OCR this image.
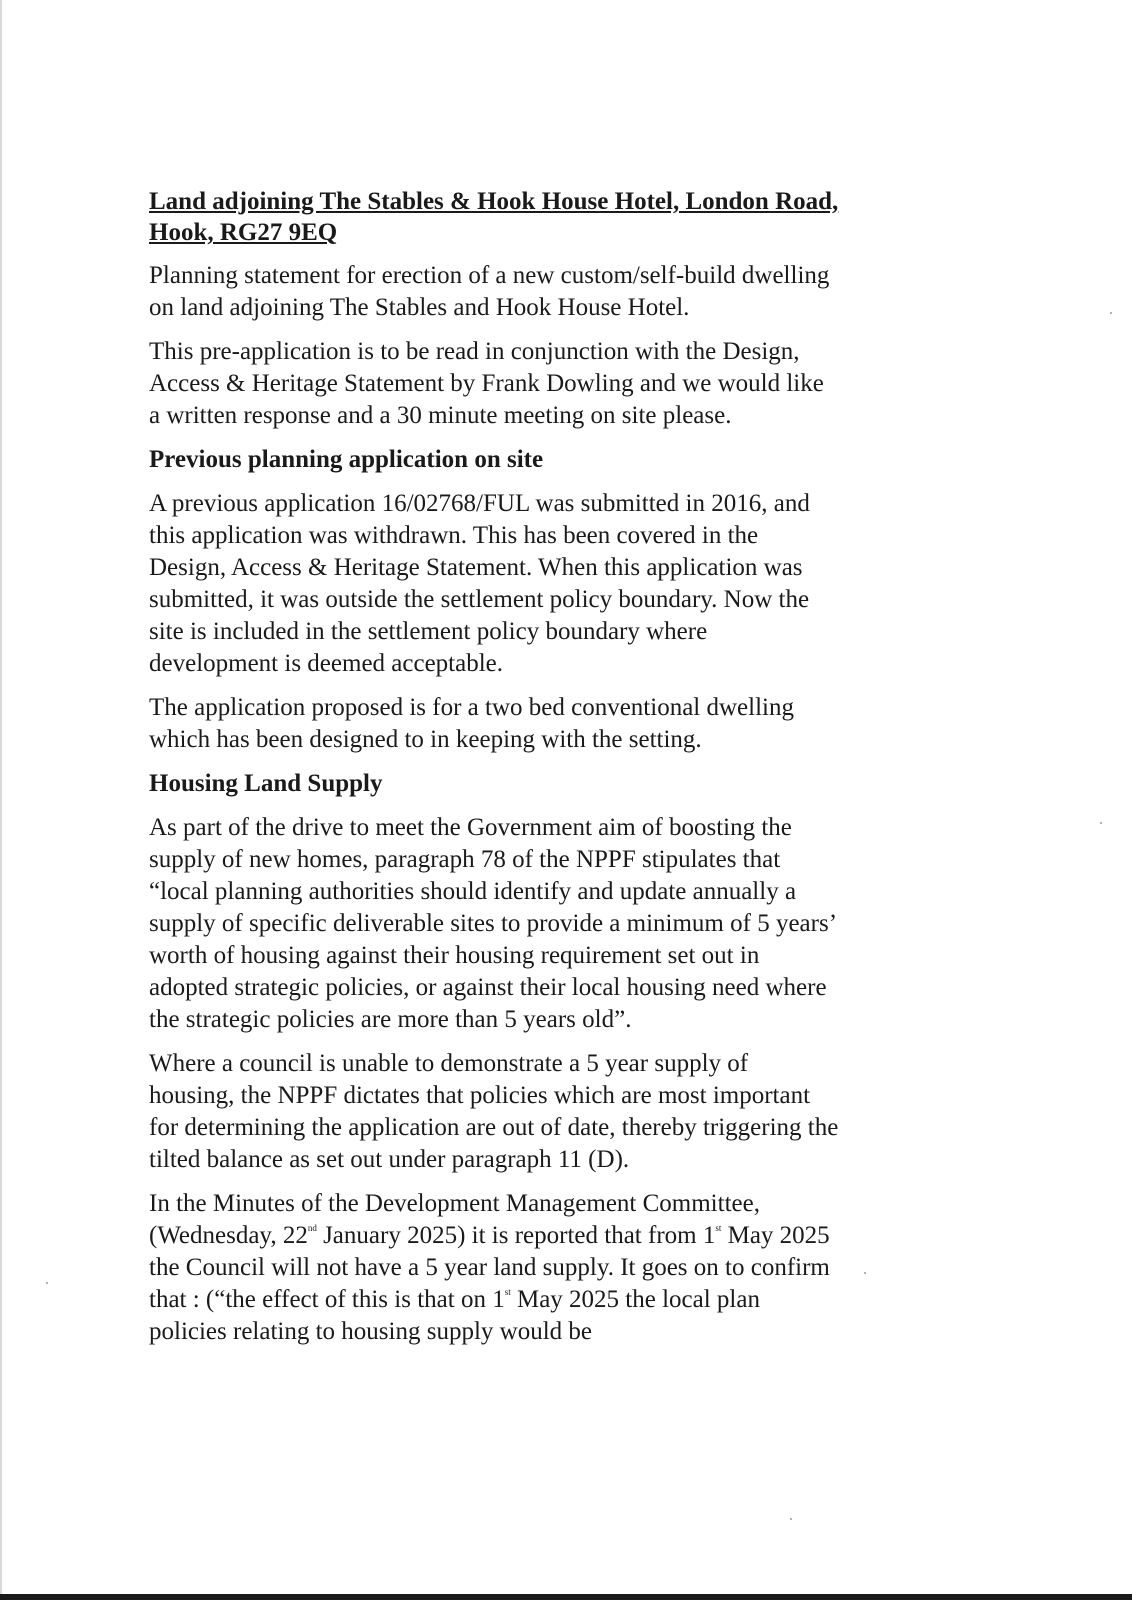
Land adjoining The Stables & Hook House Hotel, London Road, Hook, RG27 9EQ

Planning statement for erection of a new custom/self-build dwelling on land adjoining The Stables and Hook House Hotel.

This pre-application is to be read in conjunction with the Design, Access & Heritage Statement by Frank Dowling and we would like a written response and a 30 minute meeting on site please.

Previous planning application on site

A previous application 16/02768/FUL was submitted in 2016, and this application was withdrawn. This has been covered in the Design, Access & Heritage Statement. When this application was submitted, it was outside the settlement policy boundary. Now the site is included in the settlement policy boundary where development is deemed acceptable.

The application proposed is for a two bed conventional dwelling which has been designed to in keeping with the setting.

Housing Land Supply

As part of the drive to meet the Government aim of boosting the supply of new homes, paragraph 78 of the NPPF stipulates that “local planning authorities should identify and update annually a supply of specific deliverable sites to provide a minimum of 5 years’ worth of housing against their housing requirement set out in adopted strategic policies, or against their local housing need where the strategic policies are more than 5 years old”.

Where a council is unable to demonstrate a 5 year supply of housing, the NPPF dictates that policies which are most important for determining the application are out of date, thereby triggering the tilted balance as set out under paragraph 11 (D).

In the Minutes of the Development Management Committee, (Wednesday, 22nd January 2025) it is reported that from 1st May 2025 the Council will not have a 5 year land supply. It goes on to confirm that : (“the effect of this is that on 1st May 2025 the local plan policies relating to housing supply would be
